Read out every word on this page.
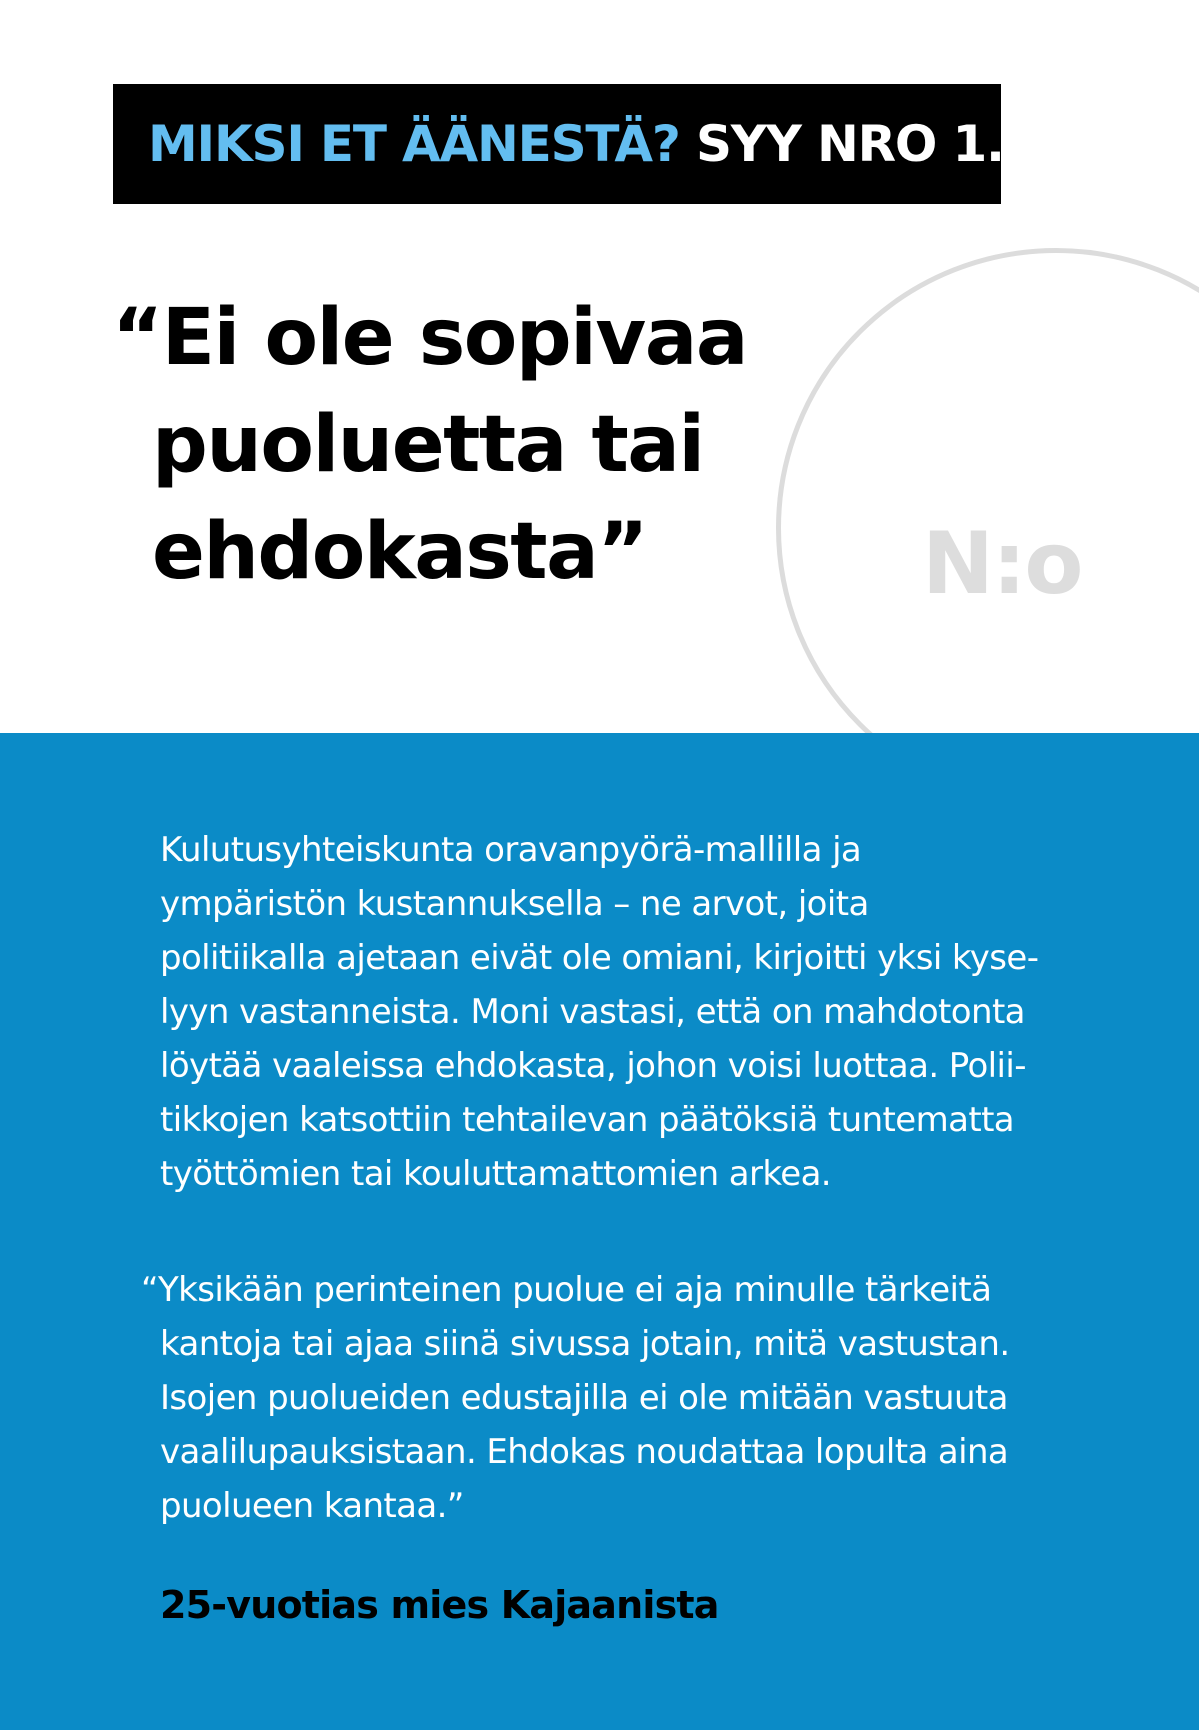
N:o
MIKSI ET ÄÄNESTÄ? SYY NRO 1.
“Ei ole sopivaa
puoluetta tai
ehdokasta”
Kulutusyhteiskunta oravanpyörä-mallilla ja
ympäristön kustannuksella – ne arvot, joita
politiikalla ajetaan eivät ole omiani, kirjoitti yksi kyse-
lyyn vastanneista. Moni vastasi, että on mahdotonta
löytää vaaleissa ehdokasta, johon voisi luottaa. Polii-
tikkojen katsottiin tehtailevan päätöksiä tuntematta
työttömien tai kouluttamattomien arkea.
“Yksikään perinteinen puolue ei aja minulle tärkeitä
kantoja tai ajaa siinä sivussa jotain, mitä vastustan.
Isojen puolueiden edustajilla ei ole mitään vastuuta
vaalilupauksistaan. Ehdokas noudattaa lopulta aina
puolueen kantaa.”
25-vuotias mies Kajaanista
